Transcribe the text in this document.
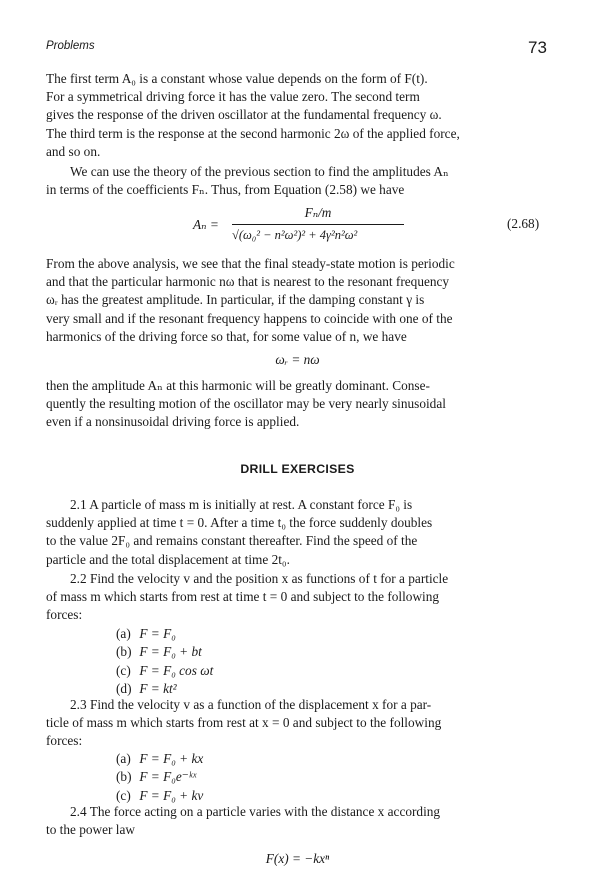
Problems	73
The first term A₀ is a constant whose value depends on the form of F(t).
For a symmetrical driving force it has the value zero. The second term
gives the response of the driven oscillator at the fundamental frequency ω.
The third term is the response at the second harmonic 2ω of the applied force,
and so on.
We can use the theory of the previous section to find the amplitudes Aₙ
in terms of the coefficients Fₙ. Thus, from Equation (2.58) we have
Aₙ =
Fₙ/m
√(ω₀² − n²ω²)² + 4γ²n²ω²
(2.68)
From the above analysis, we see that the final steady-state motion is periodic
and that the particular harmonic nω that is nearest to the resonant frequency
ωᵣ has the greatest amplitude. In particular, if the damping constant γ is
very small and if the resonant frequency happens to coincide with one of the
harmonics of the driving force so that, for some value of n, we have
ωᵣ = nω
then the amplitude Aₙ at this harmonic will be greatly dominant. Conse-
quently the resulting motion of the oscillator may be very nearly sinusoidal
even if a nonsinusoidal driving force is applied.
DRILL EXERCISES
2.1 A particle of mass m is initially at rest. A constant force F₀ is
suddenly applied at time t = 0. After a time t₀ the force suddenly doubles
to the value 2F₀ and remains constant thereafter. Find the speed of the
particle and the total displacement at time 2t₀.
2.2 Find the velocity v and the position x as functions of t for a particle
of mass m which starts from rest at time t = 0 and subject to the following
forces:
(a) F = F₀
(b) F = F₀ + bt
(c) F = F₀ cos ωt
(d) F = kt²
2.3 Find the velocity v as a function of the displacement x for a par-
ticle of mass m which starts from rest at x = 0 and subject to the following
forces:
(a) F = F₀ + kx
(b) F = F₀e⁻ᵏˣ
(c) F = F₀ + kv
2.4 The force acting on a particle varies with the distance x according
to the power law
F(x) = −kxⁿ
